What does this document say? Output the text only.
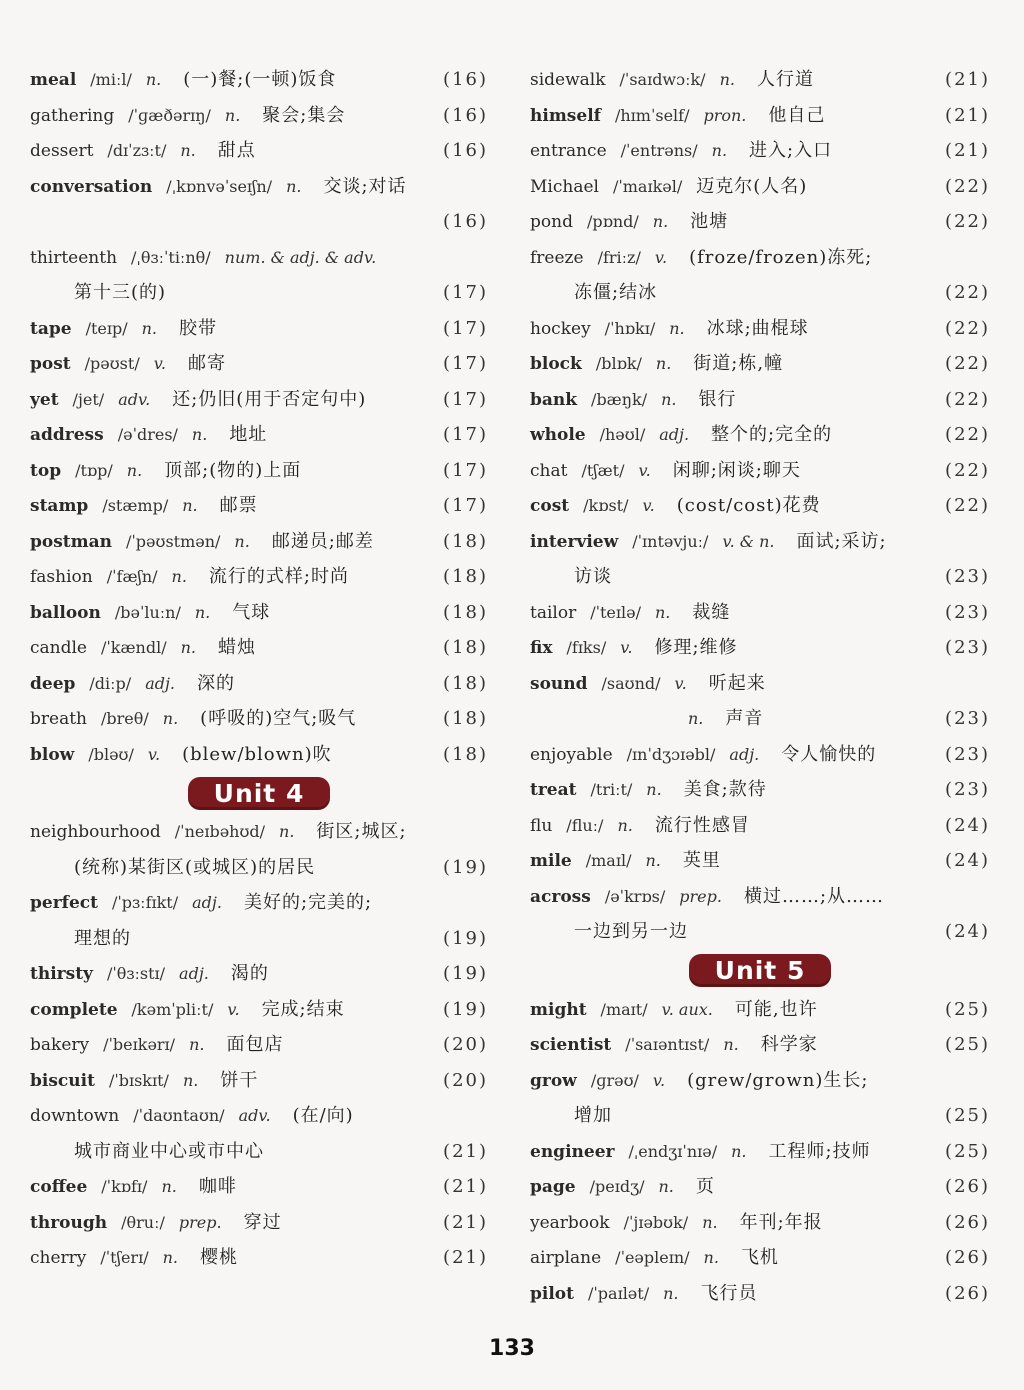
meal /miːl/ n. (一)餐;(一顿)饭食	(16)
gathering /ˈɡæðərɪŋ/ n. 聚会;集会	(16)
dessert /dɪˈzɜːt/ n. 甜点	(16)
conversation /ˌkɒnvəˈseɪʃn/ n. 交谈;对话
(16)
thirteenth /ˌθɜːˈtiːnθ/ num. & adj. & adv.
第十三(的)	(17)
tape /teɪp/ n. 胶带	(17)
post /pəʊst/ v. 邮寄	(17)
yet /jet/ adv. 还;仍旧(用于否定句中)	(17)
address /əˈdres/ n. 地址	(17)
top /tɒp/ n. 顶部;(物的)上面	(17)
stamp /stæmp/ n. 邮票	(17)
postman /ˈpəʊstmən/ n. 邮递员;邮差	(18)
fashion /ˈfæʃn/ n. 流行的式样;时尚	(18)
balloon /bəˈluːn/ n. 气球	(18)
candle /ˈkændl/ n. 蜡烛	(18)
deep /diːp/ adj. 深的	(18)
breath /breθ/ n. (呼吸的)空气;吸气	(18)
blow /bləʊ/ v. (blew/blown)吹	(18)
Unit 4
neighbourhood /ˈneɪbəhʊd/ n. 街区;城区;
(统称)某街区(或城区)的居民	(19)
perfect /ˈpɜːfɪkt/ adj. 美好的;完美的;
理想的	(19)
thirsty /ˈθɜːstɪ/ adj. 渴的	(19)
complete /kəmˈpliːt/ v. 完成;结束	(19)
bakery /ˈbeɪkərɪ/ n. 面包店	(20)
biscuit /ˈbɪskɪt/ n. 饼干	(20)
downtown /ˈdaʊntaʊn/ adv. (在/向)
城市商业中心或市中心	(21)
coffee /ˈkɒfɪ/ n. 咖啡	(21)
through /θruː/ prep. 穿过	(21)
cherry /ˈtʃerɪ/ n. 樱桃	(21)
sidewalk /ˈsaɪdwɔːk/ n. 人行道	(21)
himself /hɪmˈself/ pron. 他自己	(21)
entrance /ˈentrəns/ n. 进入;入口	(21)
Michael /ˈmaɪkəl/ 迈克尔(人名)	(22)
pond /pɒnd/ n. 池塘	(22)
freeze /friːz/ v. (froze/frozen)冻死;
冻僵;结冰	(22)
hockey /ˈhɒkɪ/ n. 冰球;曲棍球	(22)
block /blɒk/ n. 街道;栋,幢	(22)
bank /bæŋk/ n. 银行	(22)
whole /həʊl/ adj. 整个的;完全的	(22)
chat /tʃæt/ v. 闲聊;闲谈;聊天	(22)
cost /kɒst/ v. (cost/cost)花费	(22)
interview /ˈɪntəvjuː/ v. & n. 面试;采访;
访谈	(23)
tailor /ˈteɪlə/ n. 裁缝	(23)
fix /fɪks/ v. 修理;维修	(23)
sound /saʊnd/ v. 听起来
n. 声音	(23)
enjoyable /ɪnˈdʒɔɪəbl/ adj. 令人愉快的	(23)
treat /triːt/ n. 美食;款待	(23)
flu /fluː/ n. 流行性感冒	(24)
mile /maɪl/ n. 英里	(24)
across /əˈkrɒs/ prep. 横过……;从……
一边到另一边	(24)
Unit 5
might /maɪt/ v. aux. 可能,也许	(25)
scientist /ˈsaɪəntɪst/ n. 科学家	(25)
grow /ɡrəʊ/ v. (grew/grown)生长;
增加	(25)
engineer /ˌendʒɪˈnɪə/ n. 工程师;技师	(25)
page /peɪdʒ/ n. 页	(26)
yearbook /ˈjɪəbʊk/ n. 年刊;年报	(26)
airplane /ˈeəpleɪn/ n. 飞机	(26)
pilot /ˈpaɪlət/ n. 飞行员	(26)
133
